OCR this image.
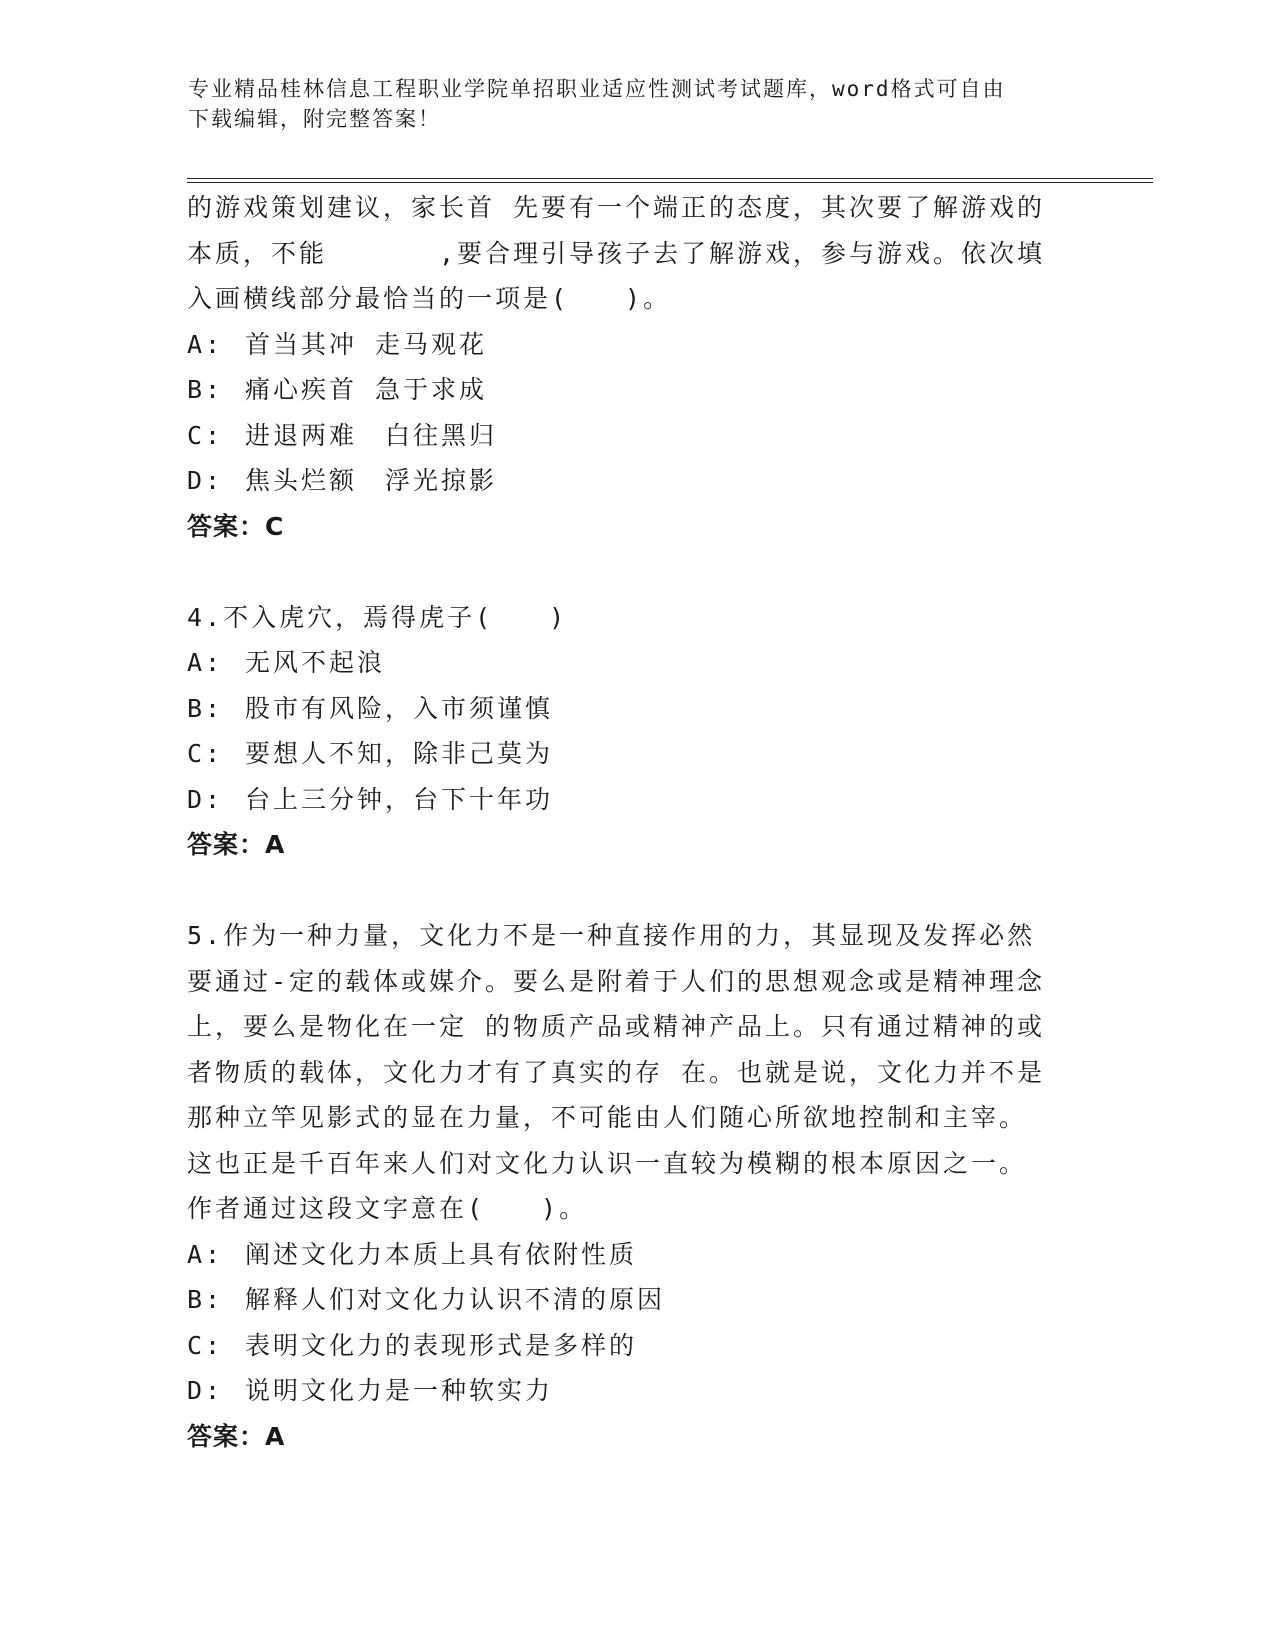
专业精品桂林信息工程职业学院单招职业适应性测试考试题库，word格式可自由
下载编辑，附完整答案！
的游戏策划建议，家长首 先要有一个端正的态度，其次要了解游戏的
本质，不能　　　　,要合理引导孩子去了解游戏，参与游戏。依次填
入画横线部分最恰当的一项是(　　)。
A: 首当其冲 走马观花
B: 痛心疾首 急于求成
C: 进退两难　白往黑归
D: 焦头烂额　浮光掠影
答案：C
4.不入虎穴，焉得虎子(　　)
A: 无风不起浪
B: 股市有风险，入市须谨慎
C: 要想人不知，除非己莫为
D: 台上三分钟，台下十年功
答案：A
5.作为一种力量，文化力不是一种直接作用的力，其显现及发挥必然
要通过-定的载体或媒介。要么是附着于人们的思想观念或是精神理念
上，要么是物化在一定 的物质产品或精神产品上。只有通过精神的或
者物质的载体，文化力才有了真实的存 在。也就是说，文化力并不是
那种立竿见影式的显在力量，不可能由人们随心所欲地控制和主宰。
这也正是千百年来人们对文化力认识一直较为模糊的根本原因之一。
作者通过这段文字意在(　　)。
A: 阐述文化力本质上具有依附性质
B: 解释人们对文化力认识不清的原因
C: 表明文化力的表现形式是多样的
D: 说明文化力是一种软实力
答案：A
